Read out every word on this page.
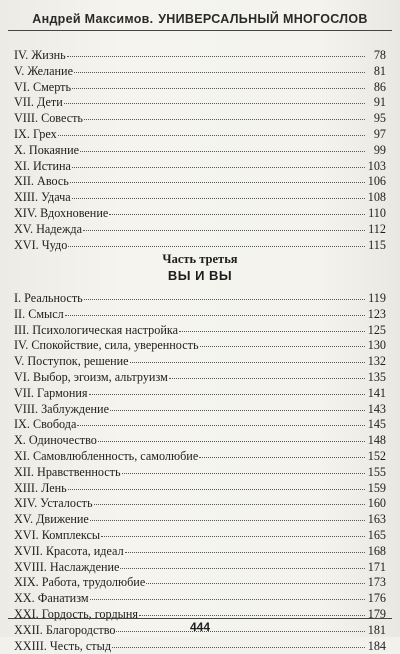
Андрей Максимов.
УНИВЕРСАЛЬНЫЙ МНОГОСЛОВ
IV. Жизнь	78
V. Желание	81
VI. Смерть	86
VII. Дети	91
VIII. Совесть	95
IX. Грех	97
X. Покаяние	99
XI. Истина	103
XII. Авось	106
XIII. Удача	108
XIV. Вдохновение	110
XV. Надежда	112
XVI. Чудо	115
Часть третья
ВЫ И ВЫ
I. Реальность	119
II. Смысл	123
III. Психологическая настройка	125
IV. Спокойствие, сила, уверенность	130
V. Поступок, решение	132
VI. Выбор, эгоизм, альтруизм	135
VII. Гармония	141
VIII. Заблуждение	143
IX. Свобода	145
X. Одиночество	148
XI. Самовлюбленность, самолюбие	152
XII. Нравственность	155
XIII. Лень	159
XIV. Усталость	160
XV. Движение	163
XVI. Комплексы	165
XVII. Красота, идеал	168
XVIII. Наслаждение	171
XIX. Работа, трудолюбие	173
XX. Фанатизм	176
XXI. Гордость, гордыня	179
XXII. Благородство	181
XXIII. Честь, стыд	184
444
